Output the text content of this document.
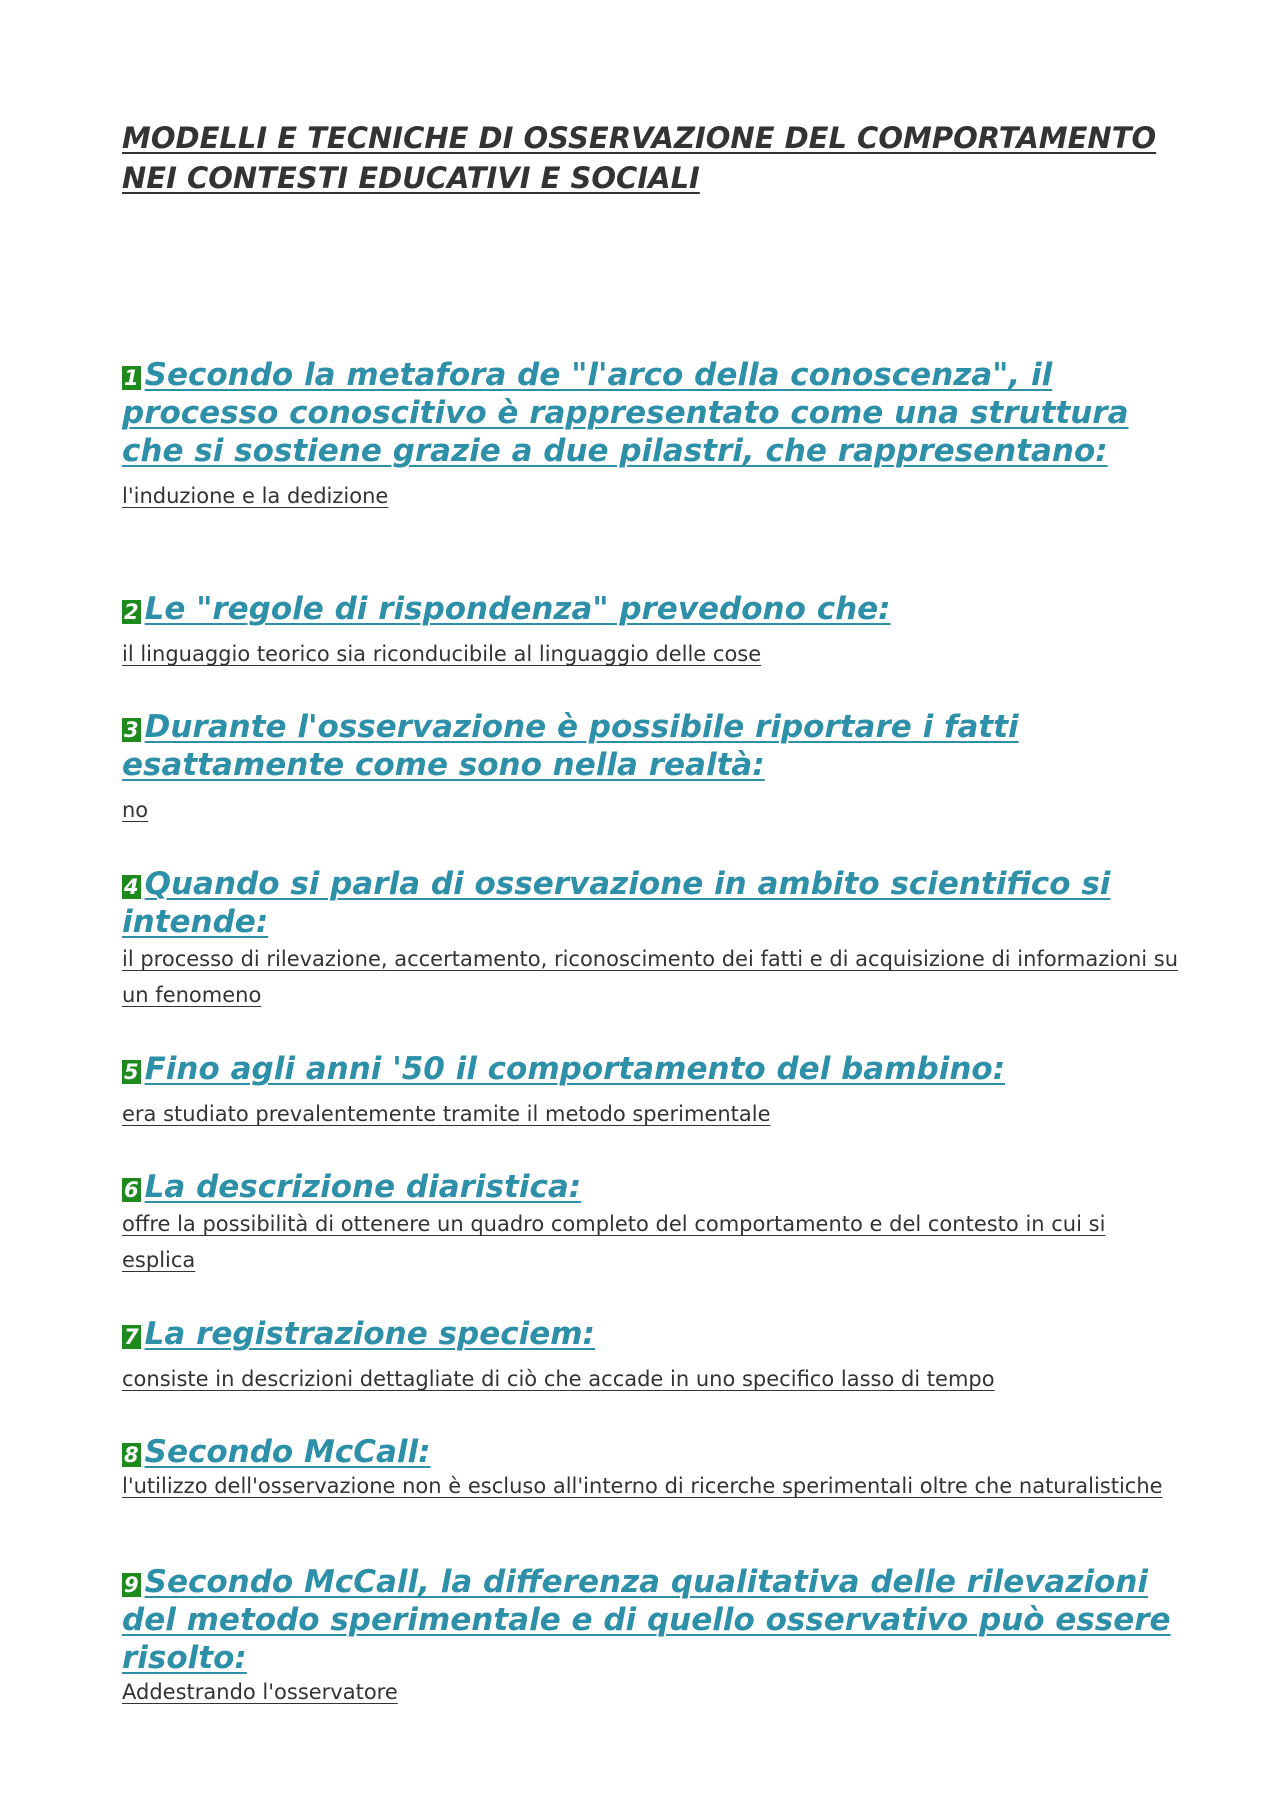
MODELLI E TECNICHE DI OSSERVAZIONE DEL COMPORTAMENTO NEI CONTESTI EDUCATIVI E SOCIALI

1 Secondo la metafora de "l'arco della conoscenza", il processo conoscitivo è rappresentato come una struttura che si sostiene grazie a due pilastri, che rappresentano:

l'induzione e la dedizione

2 Le "regole di rispondenza" prevedono che:

il linguaggio teorico sia riconducibile al linguaggio delle cose

3 Durante l'osservazione è possibile riportare i fatti esattamente come sono nella realtà:

no

4 Quando si parla di osservazione in ambito scientifico si intende:

il processo di rilevazione, accertamento, riconoscimento dei fatti e di acquisizione di informazioni su un fenomeno

5 Fino agli anni '50 il comportamento del bambino:

era studiato prevalentemente tramite il metodo sperimentale

6 La descrizione diaristica:

offre la possibilità di ottenere un quadro completo del comportamento e del contesto in cui si esplica

7 La registrazione speciem:

consiste in descrizioni dettagliate di ciò che accade in uno specifico lasso di tempo

8 Secondo McCall:

l'utilizzo dell'osservazione non è escluso all'interno di ricerche sperimentali oltre che naturalistiche

9 Secondo McCall, la differenza qualitativa delle rilevazioni del metodo sperimentale e di quello osservativo può essere risolto:

Addestrando l'osservatore
